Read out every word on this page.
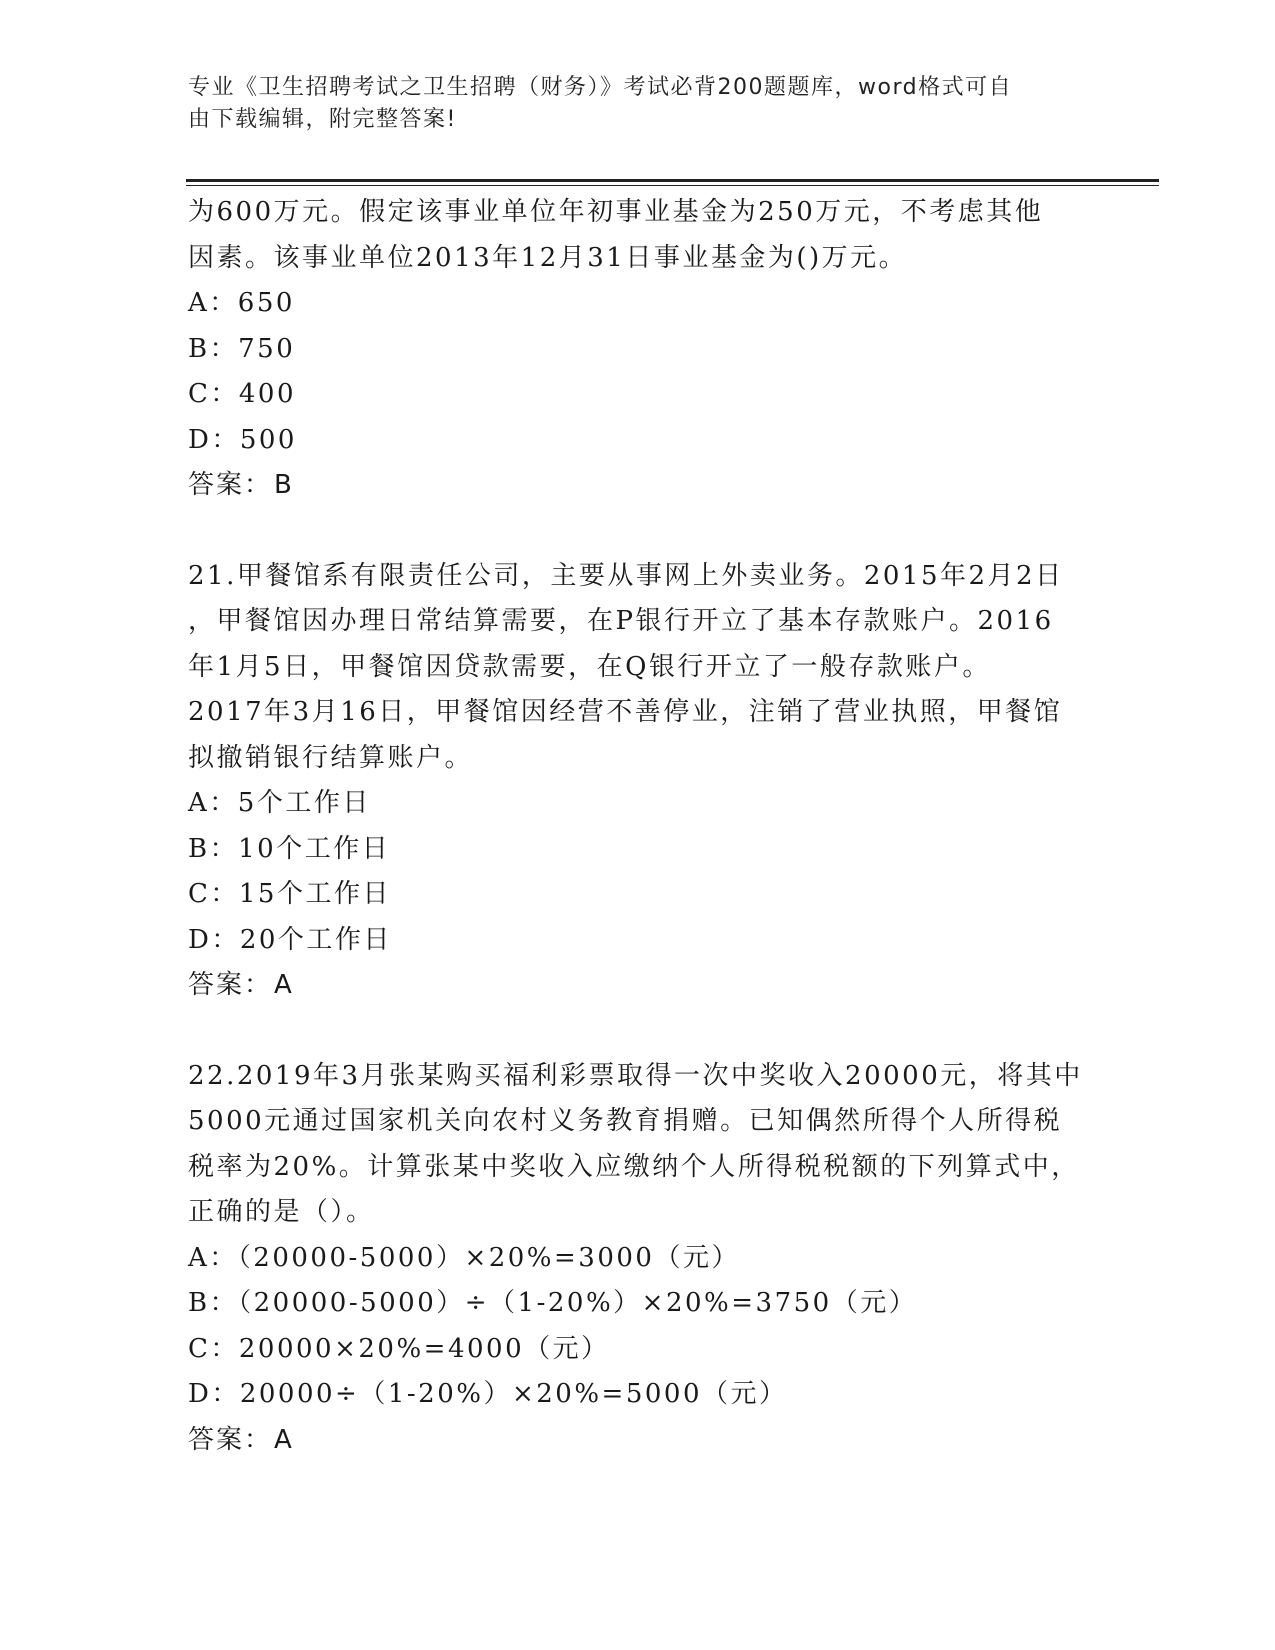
专业《卫生招聘考试之卫生招聘（财务）》考试必背200题题库，word格式可自
由下载编辑，附完整答案!

为600万元。假定该事业单位年初事业基金为250万元，不考虑其他

因素。该事业单位2013年12月31日事业基金为()万元。

A：650

B：750

C：400

D：500

答案：B

21.甲餐馆系有限责任公司，主要从事网上外卖业务。2015年2月2日

，甲餐馆因办理日常结算需要，在P银行开立了基本存款账户。2016

年1月5日，甲餐馆因贷款需要，在Q银行开立了一般存款账户。

2017年3月16日，甲餐馆因经营不善停业，注销了营业执照，甲餐馆

拟撤销银行结算账户。

A：5个工作日

B：10个工作日

C：15个工作日

D：20个工作日

答案：A

22.2019年3月张某购买福利彩票取得一次中奖收入20000元，将其中

5000元通过国家机关向农村义务教育捐赠。已知偶然所得个人所得税

税率为20%。计算张某中奖收入应缴纳个人所得税税额的下列算式中，

正确的是（）。

A：（20000-5000）×20%=3000（元）

B：（20000-5000）÷（1-20%）×20%=3750（元）

C：20000×20%=4000（元）

D：20000÷（1-20%）×20%=5000（元）

答案：A
